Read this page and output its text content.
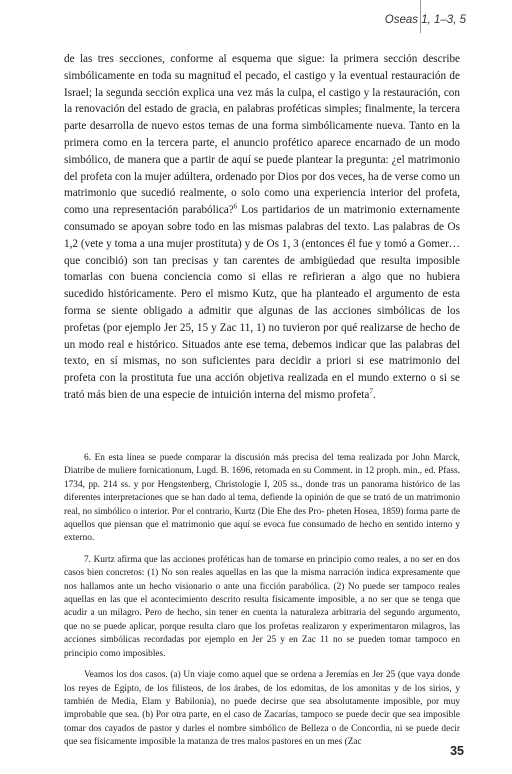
Oseas 1, 1–3, 5

de las tres secciones, conforme al esquema que sigue: la primera sección describe simbólicamente en toda su magnitud el pecado, el castigo y la eventual restauración de Israel; la segunda sección explica una vez más la culpa, el castigo y la restauración, con la renovación del estado de gracia, en palabras proféticas simples; finalmente, la tercera parte desarrolla de nuevo estos temas de una forma simbólicamente nueva. Tanto en la primera como en la tercera parte, el anuncio profético aparece encarnado de un modo simbólico, de manera que a partir de aquí se puede plantear la pregunta: ¿el matrimonio del profeta con la mujer adúltera, ordenado por Dios por dos veces, ha de verse como un matrimonio que sucedió realmente, o solo como una experiencia interior del profeta, como una representación parabólica?$^6$ Los partidarios de un matrimonio externamente consumado se apoyan sobre todo en las mismas palabras del texto. Las palabras de Os 1,2 (vete y toma a una mujer prostituta) y de Os 1, 3 (entonces él fue y tomó a Gomer… que concibió) son tan precisas y tan carentes de ambigüedad que resulta imposible tomarlas con buena conciencia como si ellas re refirieran a algo que no hubiera sucedido históricamente. Pero el mismo Kutz, que ha planteado el argumento de esta forma se siente obligado a admitir que algunas de las acciones simbólicas de los profetas (por ejemplo Jer 25, 15 y Zac 11, 1) no tuvieron por qué realizarse de hecho de un modo real e histórico. Situados ante ese tema, debemos indicar que las palabras del texto, en sí mismas, no son suficientes para decidir a priori si ese matrimonio del profeta con la prostituta fue una acción objetiva realizada en el mundo externo o si se trató más bien de una especie de intuición interna del mismo profeta$^7$.

6. En esta línea se puede comparar la discusión más precisa del tema realizada por John Marck, Diatribe de muliere fornicationum, Lugd. B. 1696, retomada en su Comment. in 12 proph. min., ed. Pfass. 1734, pp. 214 ss. y por Hengstenberg, Christologie I, 205 ss., donde tras un panorama histórico de las diferentes interpretaciones que se han dado al tema, defiende la opinión de que se trató de un matrimonio real, no simbólico o interior. Por el contrario, Kurtz (Die Ehe des Pro- pheten Hosea, 1859) forma parte de aquellos que piensan que el matrimonio que aquí se evoca fue consumado de hecho en sentido interno y externo.

7. Kurtz afirma que las acciones proféticas han de tomarse en principio como reales, a no ser en dos casos bien concretos: (1) No son reales aquellas en las que la misma narración indica expresamente que nos hallamos ante un hecho visionario o ante una ficción parabólica. (2) No puede ser tampoco reales aquellas en las que el acontecimiento descrito resulta físicamente imposible, a no ser que se tenga que acudir a un milagro. Pero de hecho, sin tener en cuenta la naturaleza arbitraria del segundo argumento, que no se puede aplicar, porque resulta claro que los profetas realizaron y experimentaron milagros, las acciones simbólicas recordadas por ejemplo en Jer 25 y en Zac 11 no se pueden tomar tampoco en principio como imposibles.

Veamos los dos casos. (a) Un viaje como aquel que se ordena a Jeremías en Jer 25 (que vaya donde los reyes de Egipto, de los filisteos, de los árabes, de los edomitas, de los amonitas y de los sirios, y también de Media, Elam y Babilonia), no puede decirse que sea absolutamente imposible, por muy improbable que sea. (b) Por otra parte, en el caso de Zacarías, tampoco se puede decir que sea imposible tomar dos cayados de pastor y darles el nombre simbólico de Belleza o de Concordia, ni se puede decir que sea físicamente imposible la matanza de tres malos pastores en un mes (Zac

35
